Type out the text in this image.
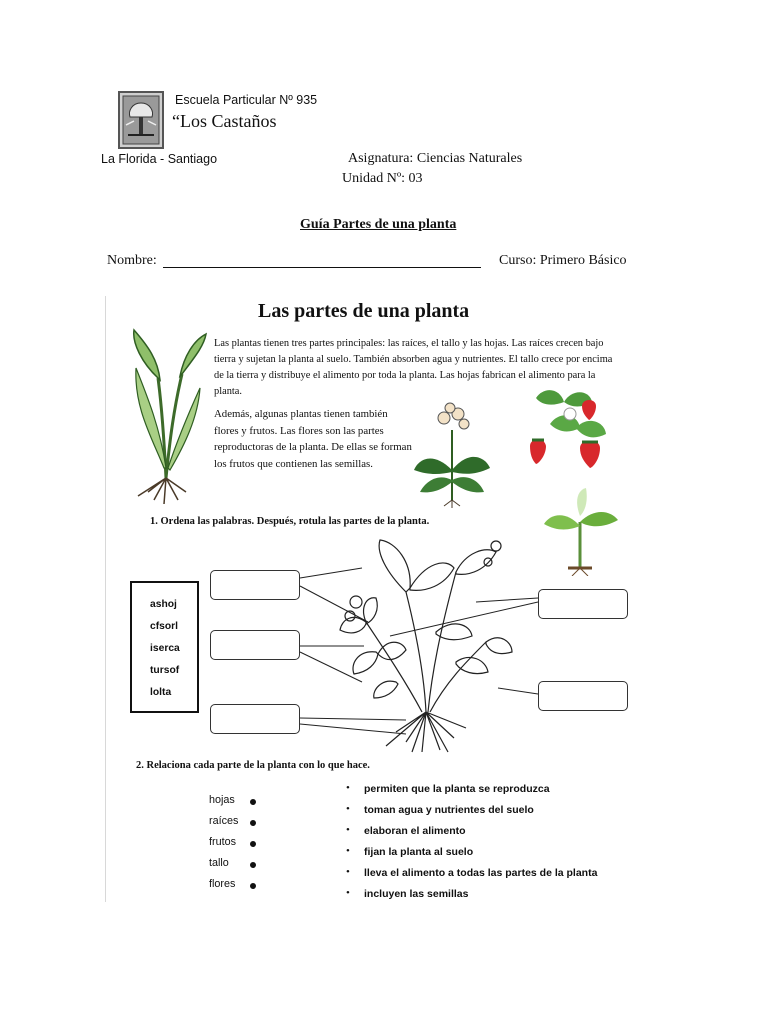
Escuela Particular Nº 935
“Los Castaños
La Florida - Santiago	Asignatura: Ciencias Naturales
Unidad Nº: 03
Guía Partes de una planta
Nombre:	Curso: Primero Básico
Las partes de una planta
Las plantas tienen tres partes principales: las raíces, el tallo y las hojas. Las raíces crecen bajo tierra y sujetan la planta al suelo. También absorben agua y nutrientes. El tallo crece por encima de la tierra y distribuye el alimento por toda la planta. Las hojas fabrican el alimento para la planta.
Además, algunas plantas tienen también flores y frutos. Las flores son las partes reproductoras de la planta. De ellas se forman los frutos que contienen las semillas.
1. Ordena las palabras. Después, rotula las partes de la planta.
ashoj
cfsorl
iserca
tursof
lolta
2. Relaciona cada parte de la planta con lo que hace.
hojas
raíces
frutos
tallo
flores
• permiten que la planta se reproduzca
• toman agua y nutrientes del suelo
• elaboran el alimento
• fijan la planta al suelo
• lleva el alimento a todas las partes de la planta
• incluyen las semillas
